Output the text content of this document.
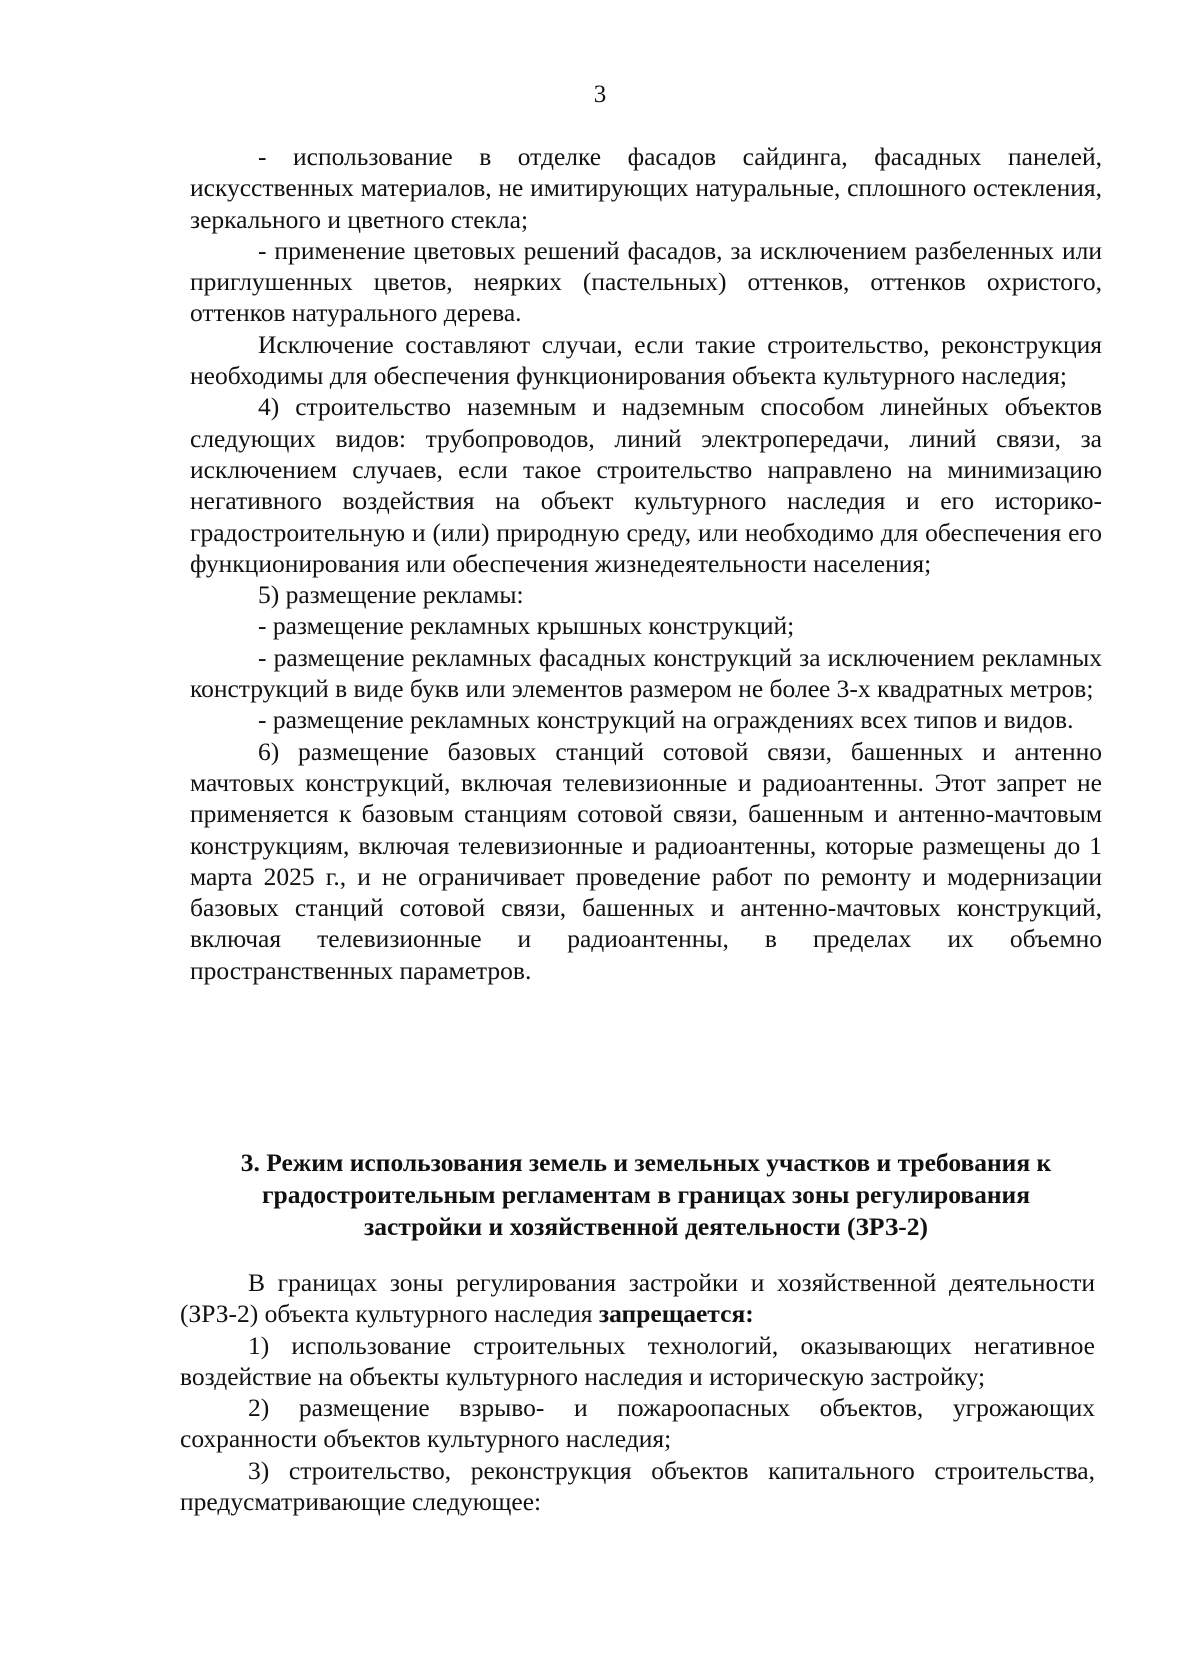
3

- использование в отделке фасадов сайдинга, фасадных панелей, искусственных материалов, не имитирующих натуральные, сплошного остекления, зеркального и цветного стекла;

- применение цветовых решений фасадов, за исключением разбеленных или приглушенных цветов, неярких (пастельных) оттенков, оттенков охристого, оттенков натурального дерева.

Исключение составляют случаи, если такие строительство, реконструкция необходимы для обеспечения функционирования объекта культурного наследия;

4) строительство наземным и надземным способом линейных объектов следующих видов: трубопроводов, линий электропередачи, линий связи, за исключением случаев, если такое строительство направлено на минимизацию негативного воздействия на объект культурного наследия и его историко-градостроительную и (или) природную среду, или необходимо для обеспечения его функционирования или обеспечения жизнедеятельности населения;

5) размещение рекламы:

- размещение рекламных крышных конструкций;

- размещение рекламных фасадных конструкций за исключением рекламных конструкций в виде букв или элементов размером не более 3-х квадратных метров;

- размещение рекламных конструкций на ограждениях всех типов и видов.

6) размещение базовых станций сотовой связи, башенных и антенно мачтовых конструкций, включая телевизионные и радиоантенны. Этот запрет не применяется к базовым станциям сотовой связи, башенным и антенно-мачтовым конструкциям, включая телевизионные и радиоантенны, которые размещены до 1 марта 2025 г., и не ограничивает проведение работ по ремонту и модернизации базовых станций сотовой связи, башенных и антенно-мачтовых конструкций, включая телевизионные и радиоантенны, в пределах их объемно пространственных параметров.

3. Режим использования земель и земельных участков и требования к
градостроительным регламентам в границах зоны регулирования
застройки и хозяйственной деятельности (ЗРЗ-2)

В границах зоны регулирования застройки и хозяйственной деятельности (ЗРЗ-2) объекта культурного наследия запрещается:

1) использование строительных технологий, оказывающих негативное воздействие на объекты культурного наследия и историческую застройку;

2) размещение взрыво- и пожароопасных объектов, угрожающих сохранности объектов культурного наследия;

3) строительство, реконструкция объектов капитального строительства, предусматривающие следующее:
